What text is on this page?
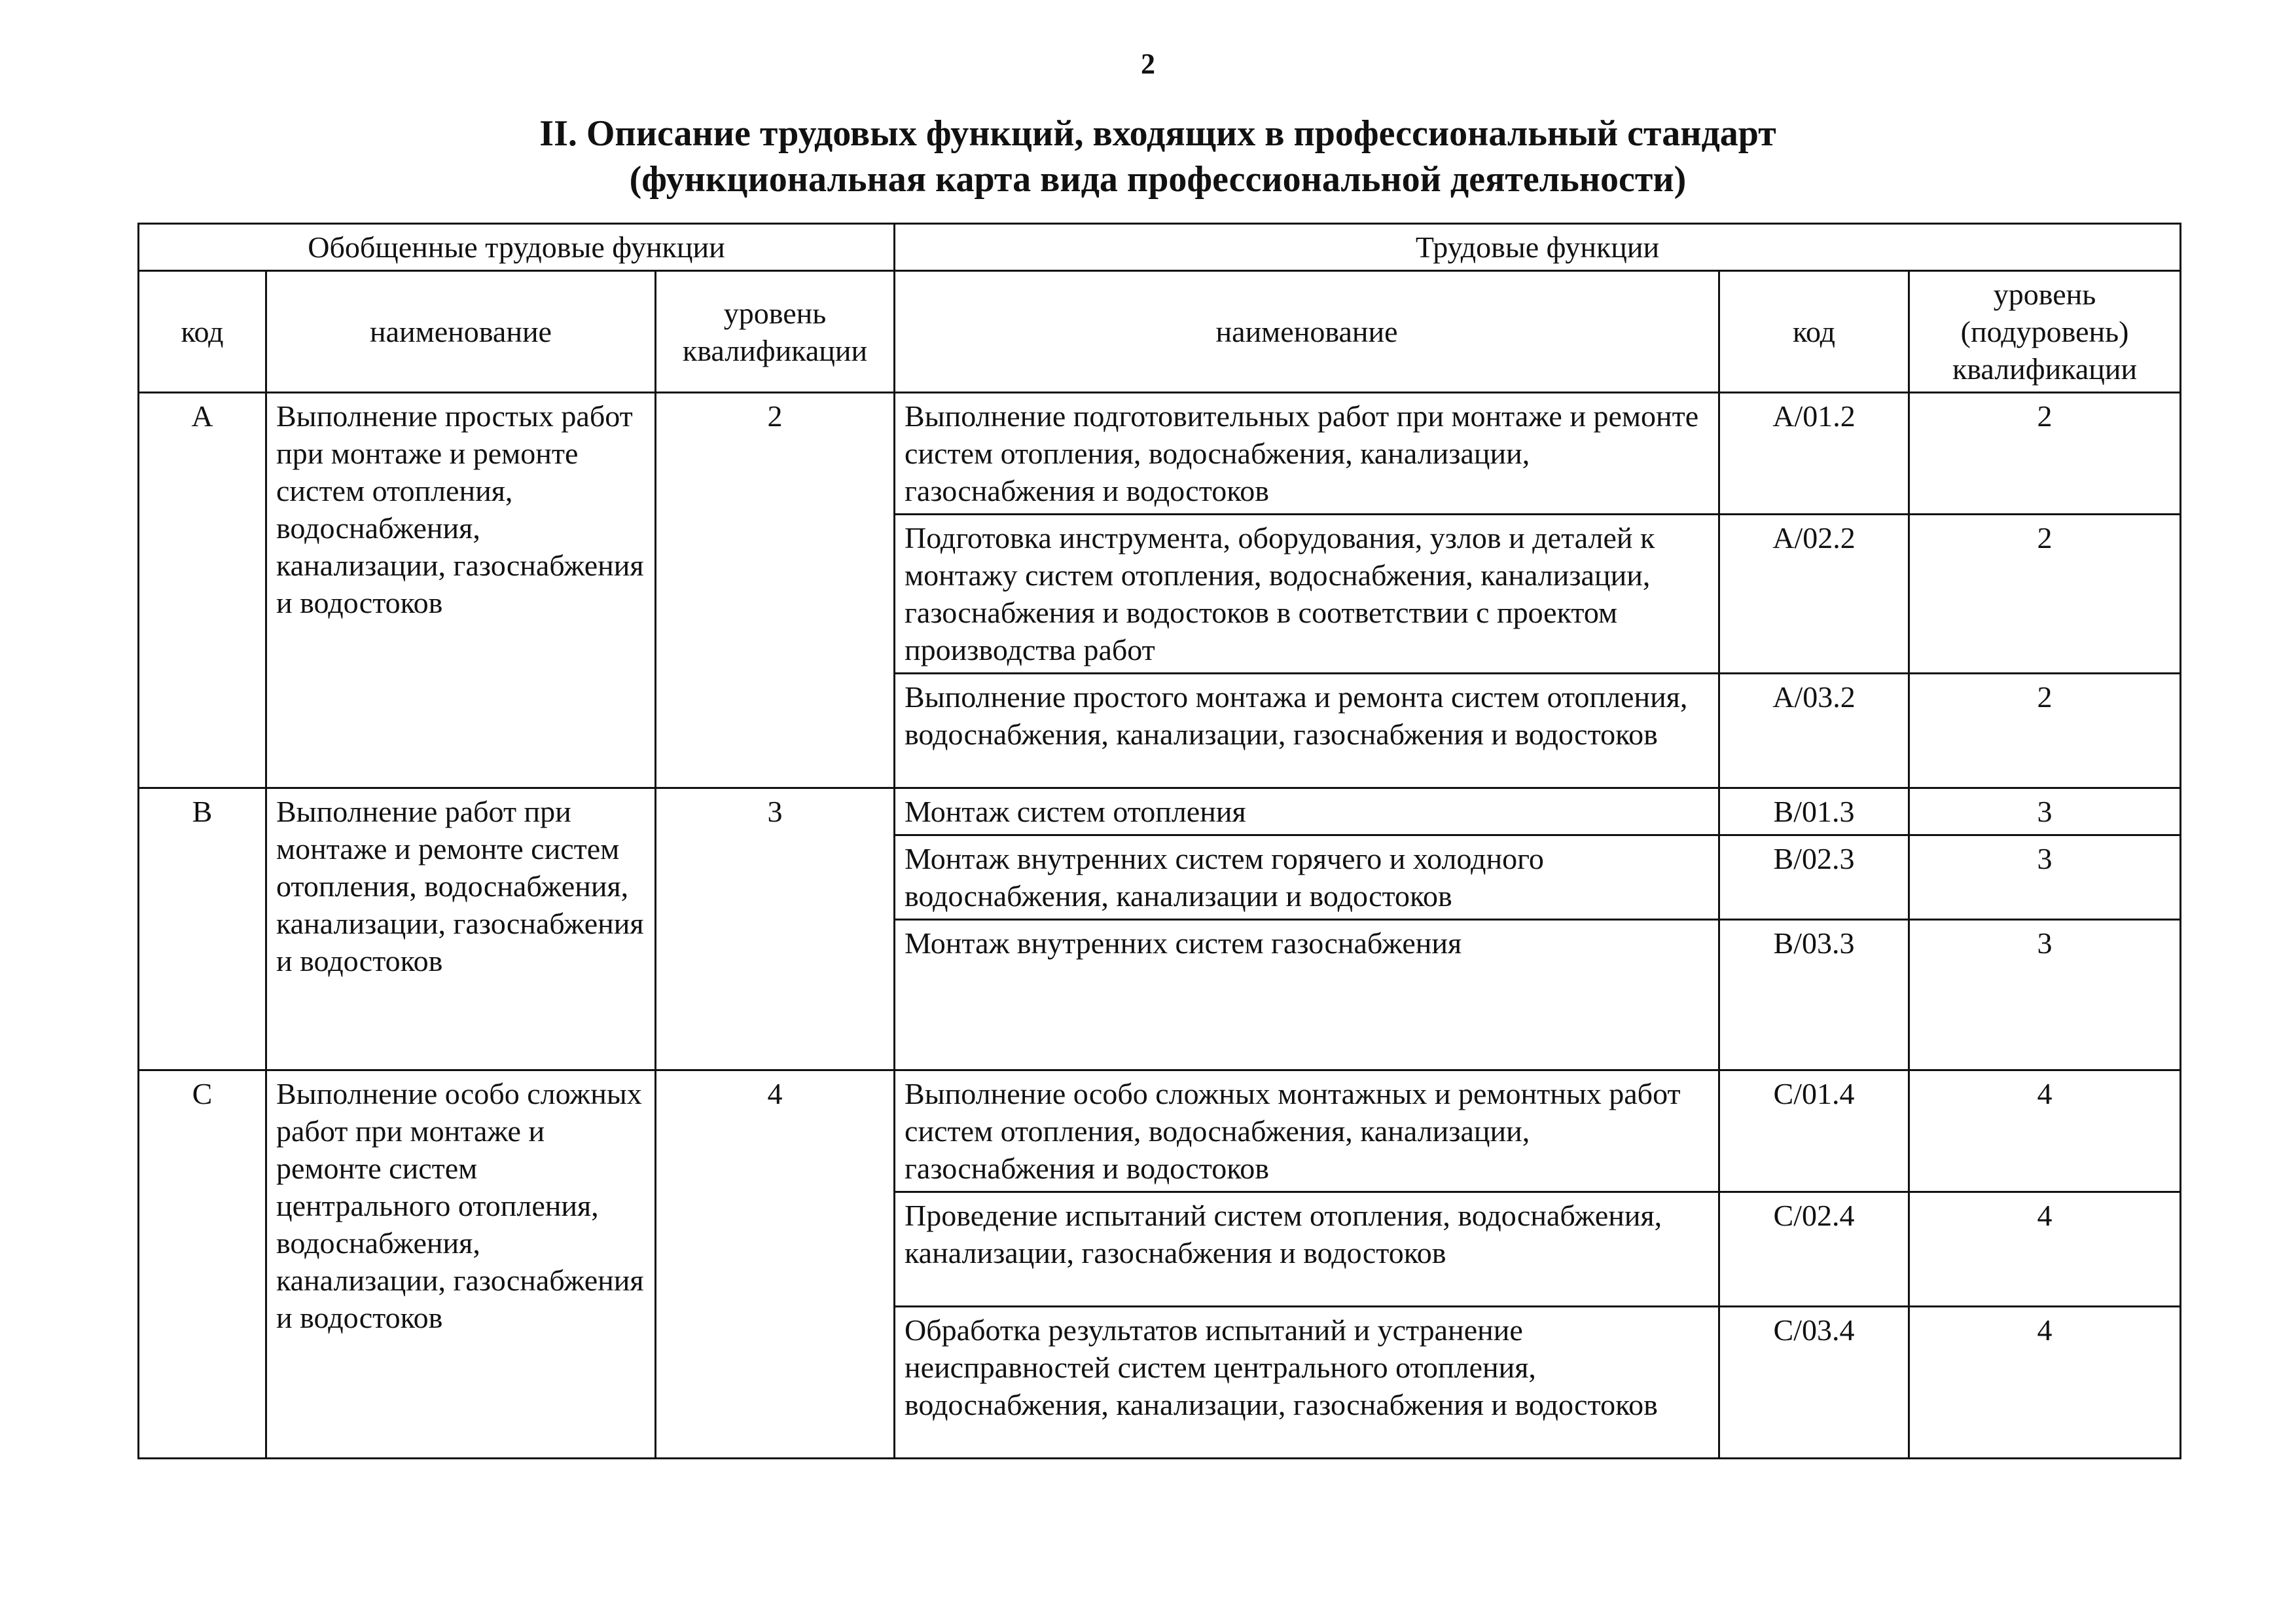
2
II. Описание трудовых функций, входящих в профессиональный стандарт
(функциональная карта вида профессиональной деятельности)
Обобщенные трудовые функции			Трудовые функции		
код	наименование	уровень квалификации	наименование	код	уровень (подуровень) квалификации
А	Выполнение простых работ при монтаже и ремонте систем отопления, водоснабжения, канализации, газоснабжения и водостоков	2	Выполнение подготовительных работ при монтаже и ремонте систем отопления, водоснабжения, канализации, газоснабжения и водостоков	А/01.2	2
			Подготовка инструмента, оборудования, узлов и деталей к монтажу систем отопления, водоснабжения, канализации, газоснабжения и водостоков в соответствии с проектом производства работ	А/02.2	2
			Выполнение простого монтажа и ремонта систем отопления, водоснабжения, канализации, газоснабжения и водостоков	А/03.2	2
В	Выполнение работ при монтаже и ремонте систем отопления, водоснабжения, канализации, газоснабжения и водостоков	3	Монтаж систем отопления	В/01.3	3
			Монтаж внутренних систем горячего и холодного водоснабжения, канализации и водостоков	В/02.3	3
			Монтаж внутренних систем газоснабжения	В/03.3	3
С	Выполнение особо сложных работ при монтаже и ремонте систем центрального отопления, водоснабжения, канализации, газоснабжения и водостоков	4	Выполнение особо сложных монтажных и ремонтных работ систем отопления, водоснабжения, канализации, газоснабжения и водостоков	С/01.4	4
			Проведение испытаний систем отопления, водоснабжения, канализации, газоснабжения и водостоков	С/02.4	4
			Обработка результатов испытаний и устранение неисправностей систем центрального отопления, водоснабжения, канализации, газоснабжения и водостоков	С/03.4	4
